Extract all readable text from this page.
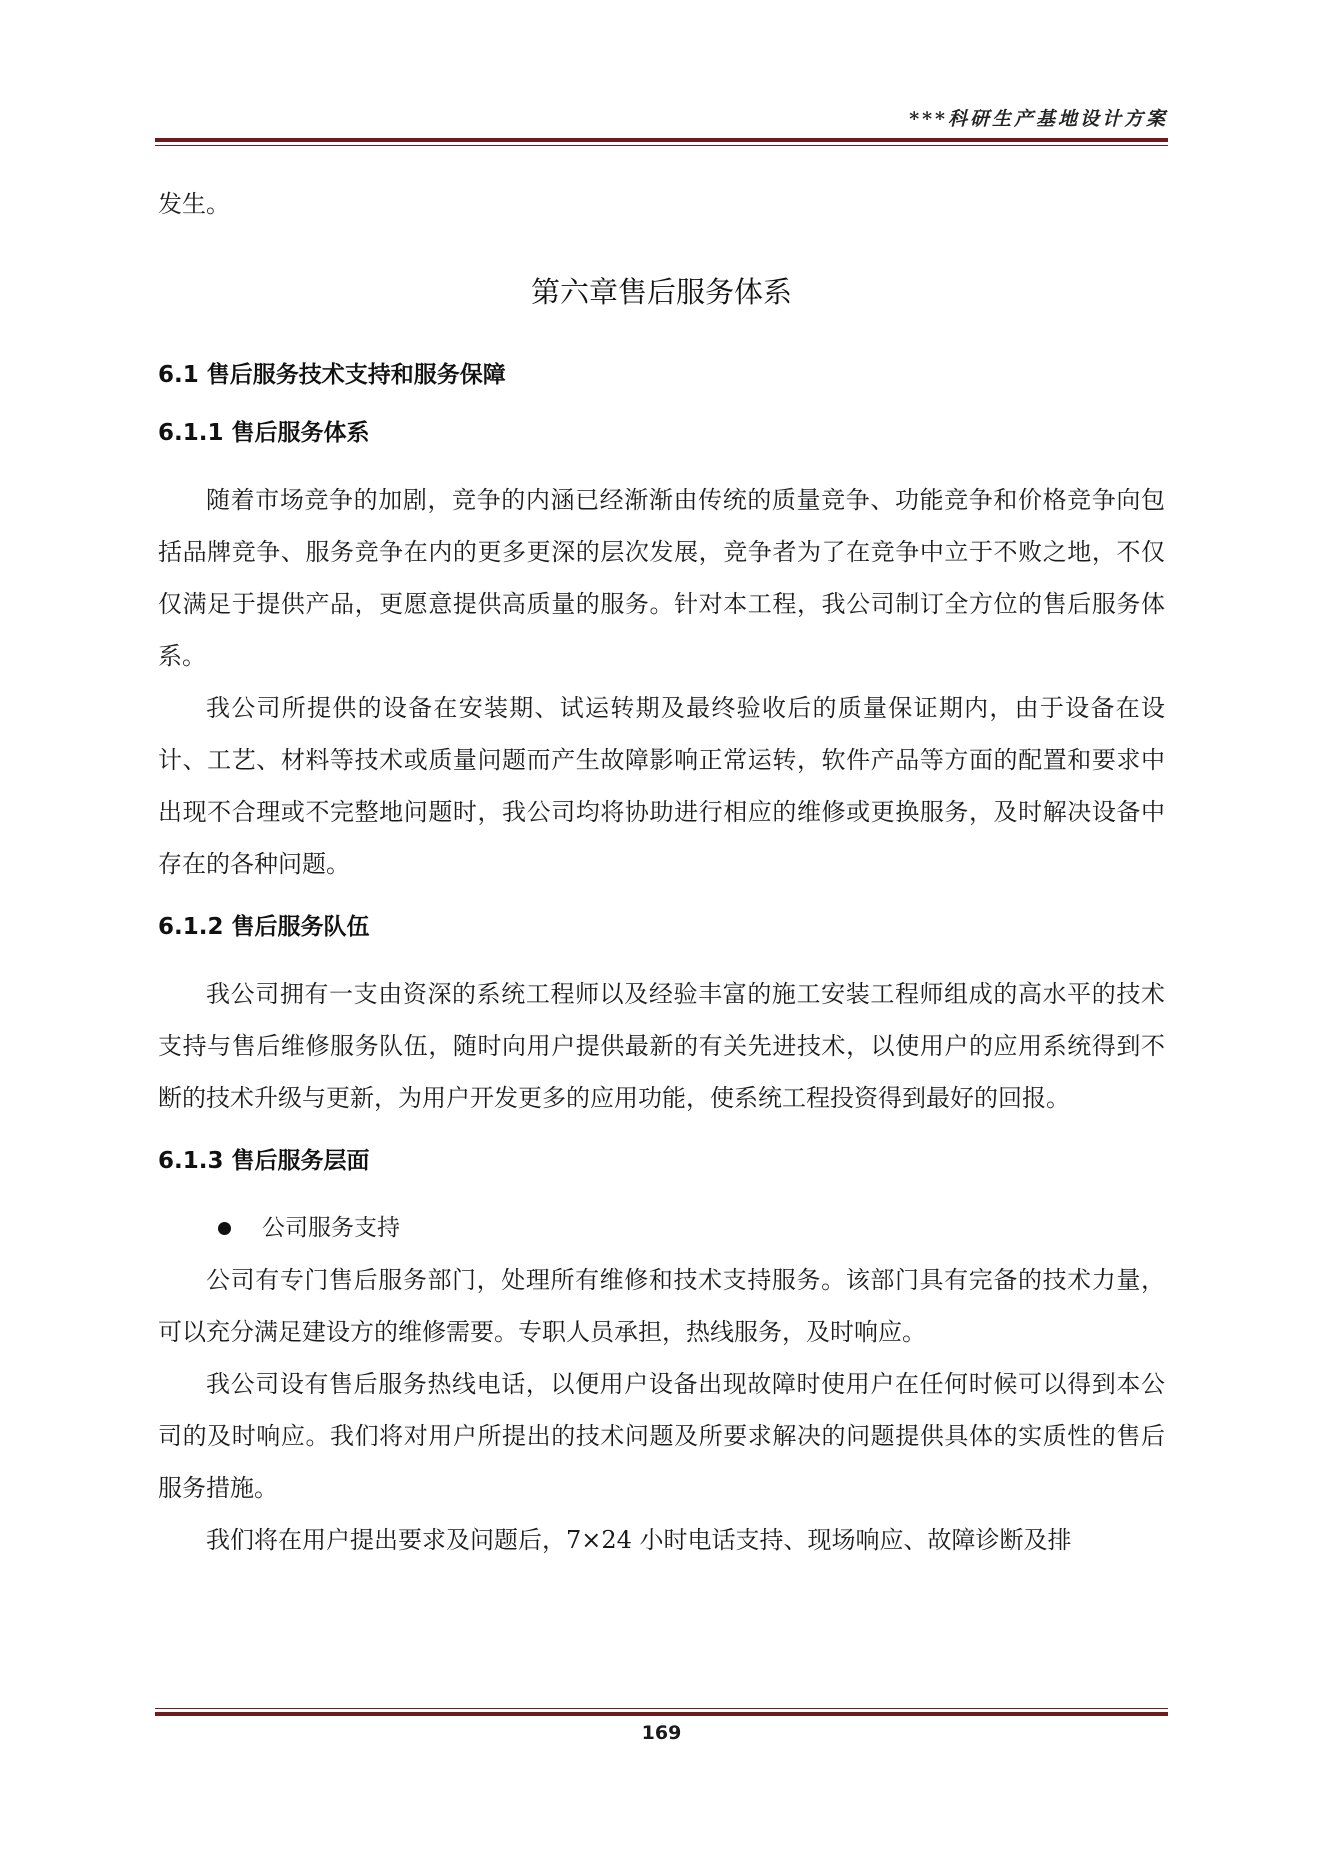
***科研生产基地设计方案

发生。

第六章售后服务体系
6.1 售后服务技术支持和服务保障
6.1.1 售后服务体系

随着市场竞争的加剧，竞争的内涵已经渐渐由传统的质量竞争、功能竞争和价格竞争向包括品牌竞争、服务竞争在内的更多更深的层次发展，竞争者为了在竞争中立于不败之地，不仅仅满足于提供产品，更愿意提供高质量的服务。针对本工程，我公司制订全方位的售后服务体系。

我公司所提供的设备在安装期、试运转期及最终验收后的质量保证期内，由于设备在设计、工艺、材料等技术或质量问题而产生故障影响正常运转，软件产品等方面的配置和要求中出现不合理或不完整地问题时，我公司均将协助进行相应的维修或更换服务，及时解决设备中存在的各种问题。

6.1.2 售后服务队伍

我公司拥有一支由资深的系统工程师以及经验丰富的施工安装工程师组成的高水平的技术支持与售后维修服务队伍，随时向用户提供最新的有关先进技术，以使用户的应用系统得到不断的技术升级与更新，为用户开发更多的应用功能，使系统工程投资得到最好的回报。

6.1.3 售后服务层面
公司服务支持

公司有专门售后服务部门，处理所有维修和技术支持服务。该部门具有完备的技术力量，可以充分满足建设方的维修需要。专职人员承担，热线服务，及时响应。

我公司设有售后服务热线电话，以便用户设备出现故障时使用户在任何时候可以得到本公司的及时响应。我们将对用户所提出的技术问题及所要求解决的问题提供具体的实质性的售后服务措施。

我们将在用户提出要求及问题后，7×24 小时电话支持、现场响应、故障诊断及排

169
